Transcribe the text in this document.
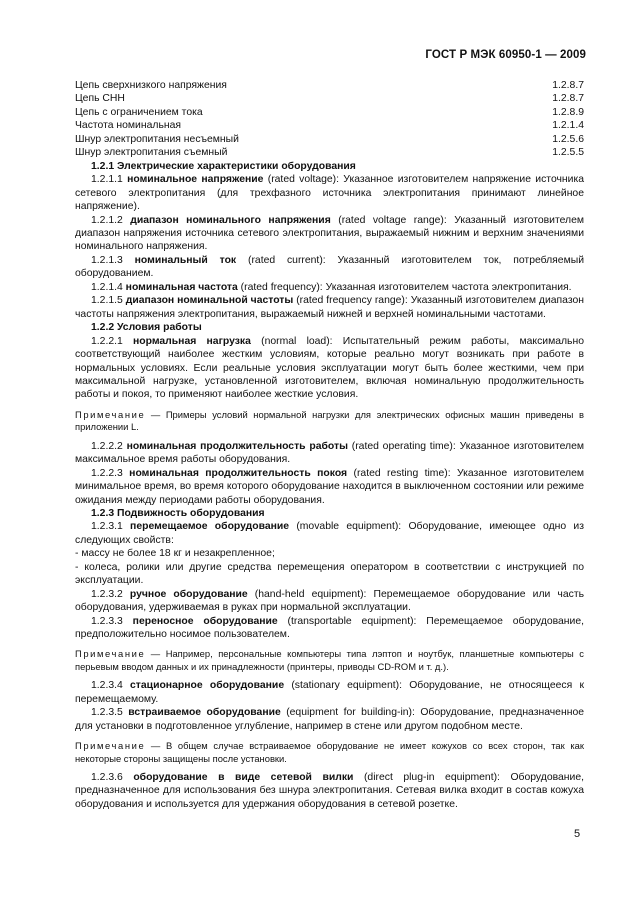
ГОСТ Р МЭК 60950-1 — 2009
Цепь сверхнизкого напряжения	1.2.8.7
Цепь СНН	1.2.8.7
Цепь с ограничением тока	1.2.8.9
Частота номинальная	1.2.1.4
Шнур электропитания несъемный	1.2.5.6
Шнур электропитания съемный	1.2.5.5
1.2.1 Электрические характеристики оборудования
1.2.1.1 номинальное напряжение (rated voltage): Указанное изготовителем напряжение источника сетевого электропитания (для трехфазного источника электропитания принимают линейное напряжение).
1.2.1.2 диапазон номинального напряжения (rated voltage range): Указанный изготовителем диапазон напряжения источника сетевого электропитания, выражаемый нижним и верхним значениями номинального напряжения.
1.2.1.3 номинальный ток (rated current): Указанный изготовителем ток, потребляемый оборудованием.
1.2.1.4 номинальная частота (rated frequency): Указанная изготовителем частота электропитания.
1.2.1.5 диапазон номинальной частоты (rated frequency range): Указанный изготовителем диапазон частоты напряжения электропитания, выражаемый нижней и верхней номинальными частотами.
1.2.2 Условия работы
1.2.2.1 нормальная нагрузка (normal load): Испытательный режим работы, максимально соответствующий наиболее жестким условиям, которые реально могут возникать при работе в нормальных условиях. Если реальные условия эксплуатации могут быть более жесткими, чем при максимальной нагрузке, установленной изготовителем, включая номинальную продолжительность работы и покоя, то применяют наиболее жесткие условия.
Примечание — Примеры условий нормальной нагрузки для электрических офисных машин приведены в приложении L.
1.2.2.2 номинальная продолжительность работы (rated operating time): Указанное изготовителем максимальное время работы оборудования.
1.2.2.3 номинальная продолжительность покоя (rated resting time): Указанное изготовителем минимальное время, во время которого оборудование находится в выключенном состоянии или режиме ожидания между периодами работы оборудования.
1.2.3 Подвижность оборудования
1.2.3.1 перемещаемое оборудование (movable equipment): Оборудование, имеющее одно из следующих свойств:
- массу не более 18 кг и незакрепленное;
- колеса, ролики или другие средства перемещения оператором в соответствии с инструкцией по эксплуатации.
1.2.3.2 ручное оборудование (hand-held equipment): Перемещаемое оборудование или часть оборудования, удерживаемая в руках при нормальной эксплуатации.
1.2.3.3 переносное оборудование (transportable equipment): Перемещаемое оборудование, предположительно носимое пользователем.
Примечание — Например, персональные компьютеры типа лэптоп и ноутбук, планшетные компьютеры с перьевым вводом данных и их принадлежности (принтеры, приводы CD-ROM и т. д.).
1.2.3.4 стационарное оборудование (stationary equipment): Оборудование, не относящееся к перемещаемому.
1.2.3.5 встраиваемое оборудование (equipment for building-in): Оборудование, предназначенное для установки в подготовленное углубление, например в стене или другом подобном месте.
Примечание — В общем случае встраиваемое оборудование не имеет кожухов со всех сторон, так как некоторые стороны защищены после установки.
1.2.3.6 оборудование в виде сетевой вилки (direct plug-in equipment): Оборудование, предназначенное для использования без шнура электропитания. Сетевая вилка входит в состав кожуха оборудования и используется для удержания оборудования в сетевой розетке.
5
